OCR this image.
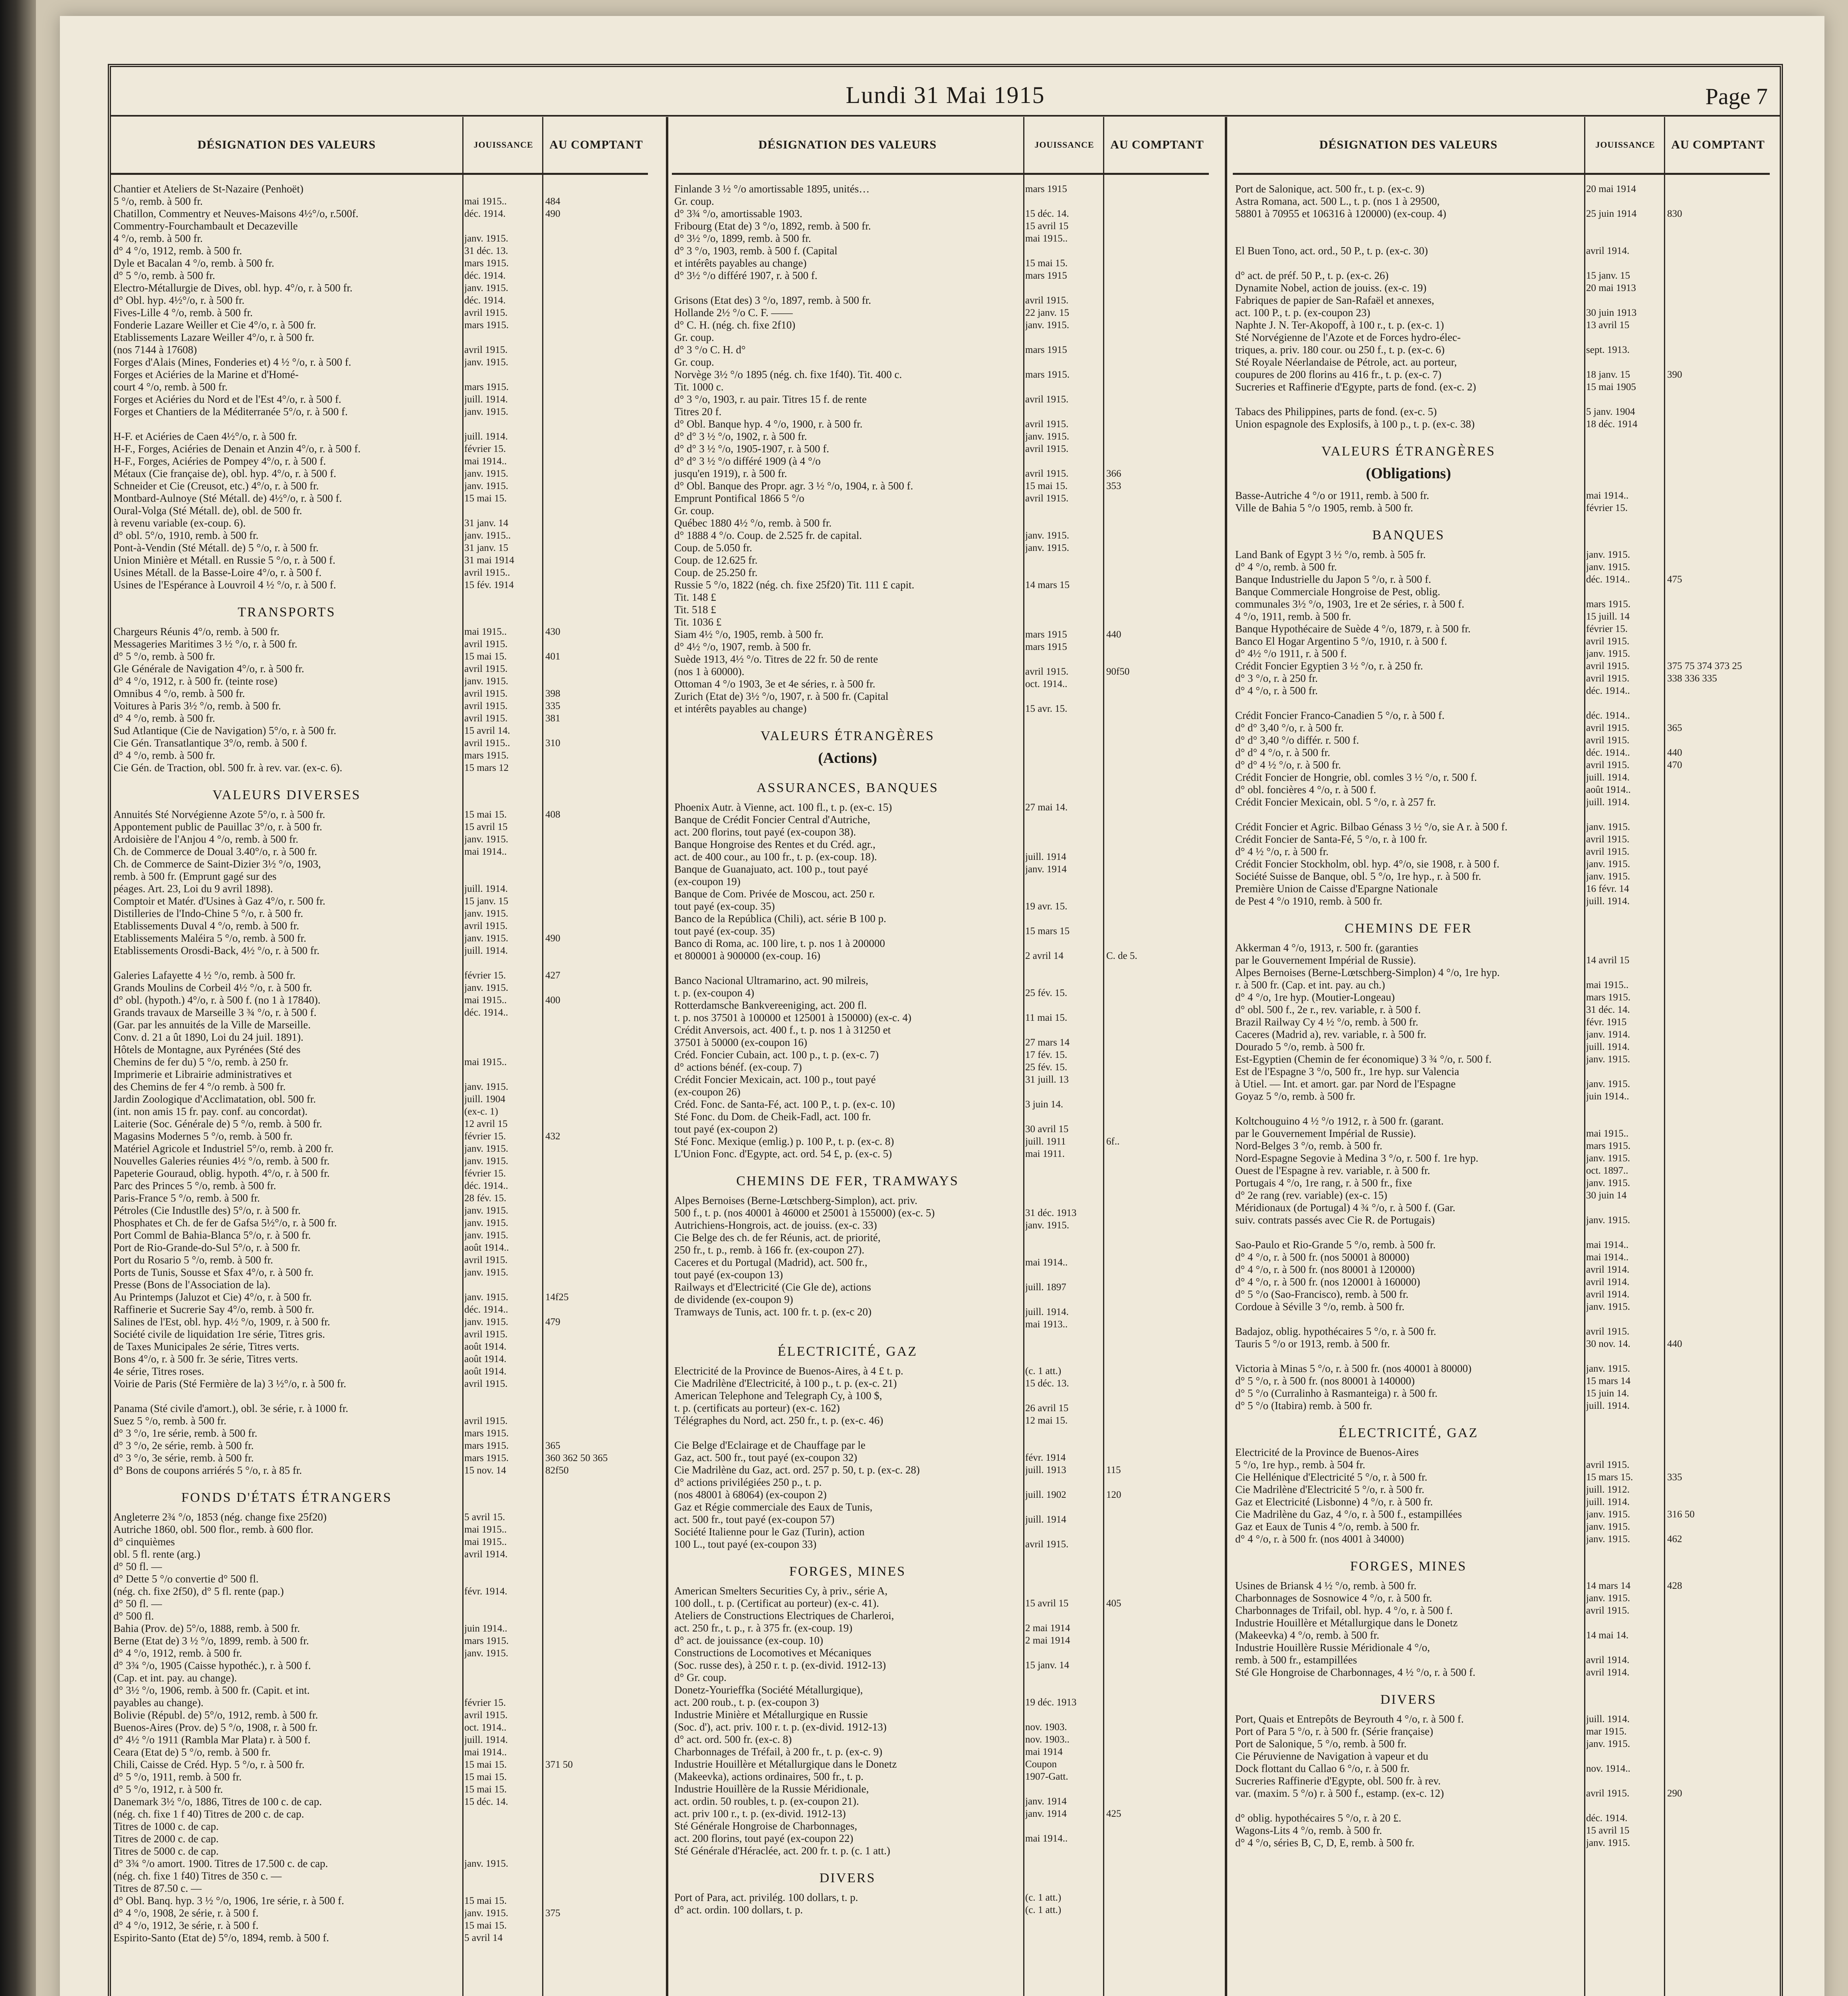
Lundi 31 Mai 1915	Page 7
DÉSIGNATION DES VALEURS	JOUISSANCE	AU COMPTANT
Chantier et Ateliers de St-Nazaire (Penhoët)
5 °/o, remb. à 500 fr.	mai 1915..	484
Chatillon, Commentry et Neuves-Maisons 4½°/o, r.500f.	déc. 1914.	490
Commentry-Fourchambault et Decazeville
4 °/o, remb. à 500 fr.	janv. 1915.
d° 4 °/o, 1912, remb. à 500 fr.	31 déc. 13.
Dyle et Bacalan 4 °/o, remb. à 500 fr.	mars 1915.
d° 5 °/o, remb. à 500 fr.	déc. 1914.
Electro-Métallurgie de Dives, obl. hyp. 4°/o, r. à 500 fr.	janv. 1915.
d° Obl. hyp. 4½°/o, r. à 500 fr.	déc. 1914.
Fives-Lille 4 °/o, remb. à 500 fr.	avril 1915.
Fonderie Lazare Weiller et Cie 4°/o, r. à 500 fr.	mars 1915.
Etablissements Lazare Weiller 4°/o, r. à 500 fr.
(nos 7144 à 17608)	avril 1915.
Forges d'Alais (Mines, Fonderies et) 4 ½ °/o, r. à 500 f.	janv. 1915.
Forges et Aciéries de la Marine et d'Homé-
court 4 °/o, remb. à 500 fr.	mars 1915.
Forges et Aciéries du Nord et de l'Est 4°/o, r. à 500 f.	juill. 1914.
Forges et Chantiers de la Méditerranée 5°/o, r. à 500 f.	janv. 1915.
H-F. et Aciéries de Caen 4½°/o, r. à 500 fr.	juill. 1914.
H-F., Forges, Aciéries de Denain et Anzin 4°/o, r. à 500 f.	février 15.
H-F., Forges, Aciéries de Pompey 4°/o, r. à 500 f.	mai 1914..
Métaux (Cie française de), obl. hyp. 4°/o, r. à 500 f.	janv. 1915.
Schneider et Cie (Creusot, etc.) 4°/o, r. à 500 fr.	janv. 1915.
Montbard-Aulnoye (Sté Métall. de) 4½°/o, r. à 500 f.	15 mai 15.
Oural-Volga (Sté Métall. de), obl. de 500 fr.
à revenu variable (ex-coup. 6).	31 janv. 14
d° obl. 5°/o, 1910, remb. à 500 fr.	janv. 1915..
Pont-à-Vendin (Sté Métall. de) 5 °/o, r. à 500 fr.	31 janv. 15
Union Minière et Métall. en Russie 5 °/o, r. à 500 f.	31 mai 1914
Usines Métall. de la Basse-Loire 4°/o, r. à 500 f.	avril 1915..
Usines de l'Espérance à Louvroil 4 ½ °/o, r. à 500 f.	15 fév. 1914
TRANSPORTS
Chargeurs Réunis 4°/o, remb. à 500 fr.	mai 1915..	430
Messageries Maritimes 3 ½ °/o, r. à 500 fr.	avril 1915.
d° 5 °/o, remb. à 500 fr.	15 mai 15.	401
Gle Générale de Navigation 4°/o, r. à 500 fr.	avril 1915.
d° 4 °/o, 1912, r. à 500 fr. (teinte rose)	janv. 1915.
Omnibus 4 °/o, remb. à 500 fr.	avril 1915.	398
Voitures à Paris 3½ °/o, remb. à 500 fr.	avril 1915.	335
d° 4 °/o, remb. à 500 fr.	avril 1915.	381
Sud Atlantique (Cie de Navigation) 5°/o, r. à 500 fr.	15 avril 14.
Cie Gén. Transatlantique 3°/o, remb. à 500 f.	avril 1915..	310
d° 4 °/o, remb. à 500 fr.	mars 1915.
Cie Gén. de Traction, obl. 500 fr. à rev. var. (ex-c. 6).	15 mars 12
VALEURS DIVERSES
Annuités Sté Norvégienne Azote 5°/o, r. à 500 fr.	15 mai 15.	408
Appontement public de Pauillac 3°/o, r. à 500 fr.	15 avril 15
Ardoisière de l'Anjou 4 °/o, remb. à 500 fr.	janv. 1915.
Ch. de Commerce de Doual 3.40°/o, r. à 500 fr.	mai 1914..
Ch. de Commerce de Saint-Dizier 3½ °/o, 1903,
remb. à 500 fr. (Emprunt gagé sur des
péages. Art. 23, Loi du 9 avril 1898).	juill. 1914.
Comptoir et Matér. d'Usines à Gaz 4°/o, r. 500 fr.	15 janv. 15
Distilleries de l'Indo-Chine 5 °/o, r. à 500 fr.	janv. 1915.
Etablissements Duval 4 °/o, remb. à 500 fr.	avril 1915.
Etablissements Maléira 5 °/o, remb. à 500 fr.	janv. 1915.	490
Etablissements Orosdi-Back, 4½ °/o, r. à 500 fr.	juill. 1914.
Galeries Lafayette 4 ½ °/o, remb. à 500 fr.	février 15.	427
Grands Moulins de Corbeil 4½ °/o, r. à 500 fr.	janv. 1915.
d° obl. (hypoth.) 4°/o, r. à 500 f. (no 1 à 17840).	mai 1915..	400
Grands travaux de Marseille 3 ¾ °/o, r. à 500 f.	déc. 1914..
(Gar. par les annuités de la Ville de Marseille.
Conv. d. 21 a ût 1890, Loi du 24 juil. 1891).
Hôtels de Montagne, aux Pyrénées (Sté des
Chemins de fer du) 5 °/o, remb. à 250 fr.	mai 1915..
Imprimerie et Librairie administratives et
des Chemins de fer 4 °/o remb. à 500 fr.	janv. 1915.
Jardin Zoologique d'Acclimatation, obl. 500 fr.	juill. 1904
(int. non amis 15 fr. pay. conf. au concordat).	(ex-c. 1)
Laiterie (Soc. Générale de) 5 °/o, remb. à 500 fr.	12 avril 15
Magasins Modernes 5 °/o, remb. à 500 fr.	février 15.	432
Matériel Agricole et Industriel 5°/o, remb. à 200 fr.	janv. 1915.
Nouvelles Galeries réunies 4½ °/o, remb. à 500 fr.	janv. 1915.
Papeterie Gouraud, oblig. hypoth. 4°/o, r. à 500 fr.	février 15.
Parc des Princes 5 °/o, remb. à 500 fr.	déc. 1914..
Paris-France 5 °/o, remb. à 500 fr.	28 fév. 15.
Pétroles (Cie Industlle des) 5°/o, r. à 500 fr.	janv. 1915.
Phosphates et Ch. de fer de Gafsa 5½°/o, r. à 500 fr.	janv. 1915.
Port Comml de Bahia-Blanca 5°/o, r. à 500 fr.	janv. 1915.
Port de Rio-Grande-do-Sul 5°/o, r. à 500 fr.	août 1914..
Port du Rosario 5 °/o, remb. à 500 fr.	avril 1915.
Ports de Tunis, Sousse et Sfax 4°/o, r. à 500 fr.	janv. 1915.
Presse (Bons de l'Association de la).
Au Printemps (Jaluzot et Cie) 4°/o, r. à 500 fr.	janv. 1915.	14f25
Raffinerie et Sucrerie Say 4°/o, remb. à 500 fr.	déc. 1914..
Salines de l'Est, obl. hyp. 4½ °/o, 1909, r. à 500 fr.	janv. 1915.	479
Société civile de liquidation 1re série, Titres gris.	avril 1915.
de Taxes Municipales 2e série, Titres verts.	août 1914.
Bons 4°/o, r. à 500 fr. 3e série, Titres verts.	août 1914.
4e série, Titres roses.	août 1914.
Voirie de Paris (Sté Fermière de la) 3 ½°/o, r. à 500 fr.	avril 1915.
Panama (Sté civile d'amort.), obl. 3e série, r. à 1000 fr.
Suez 5 °/o, remb. à 500 fr.	avril 1915.
d° 3 °/o, 1re série, remb. à 500 fr.	mars 1915.
d° 3 °/o, 2e série, remb. à 500 fr.	mars 1915.	365
d° 3 °/o, 3e série, remb. à 500 fr.	mars 1915.	360 362 50 365
d° Bons de coupons arriérés 5 °/o, r. à 85 fr.	15 nov. 14	82f50
FONDS D'ÉTATS ÉTRANGERS
Angleterre 2¾ °/o, 1853 (nég. change fixe 25f20)	5 avril 15.
Autriche 1860, obl. 500 flor., remb. à 600 flor.	mai 1915..
d° cinquièmes	mai 1915..
obl. 5 fl. rente (arg.)	avril 1914.
d° 50 fl. —
d° Dette 5 °/o convertie d° 500 fl.
(nég. ch. fixe 2f50), d° 5 fl. rente (pap.)	févr. 1914.
d° 50 fl. —
d° 500 fl.
Bahia (Prov. de) 5°/o, 1888, remb. à 500 fr.	juin 1914..
Berne (Etat de) 3 ½ °/o, 1899, remb. à 500 fr.	mars 1915.
d° 4 °/o, 1912, remb. à 500 fr.	janv. 1915.
d° 3¾ °/o, 1905 (Caisse hypothéc.), r. à 500 f.
(Cap. et int. pay. au change).
d° 3½ °/o, 1906, remb. à 500 fr. (Capit. et int.
payables au change).	février 15.
Bolivie (Républ. de) 5°/o, 1912, remb. à 500 fr.	avril 1915.
Buenos-Aires (Prov. de) 5 °/o, 1908, r. à 500 fr.	oct. 1914..
d° 4½ °/o 1911 (Rambla Mar Plata) r. à 500 f.	juill. 1914.
Ceara (Etat de) 5 °/o, remb. à 500 fr.	mai 1914..
Chili, Caisse de Créd. Hyp. 5 °/o, r. à 500 fr.	15 mai 15.	371 50
d° 5 °/o, 1911, remb. à 500 fr.	15 mai 15.
d° 5 °/o, 1912, r. à 500 fr.	15 mai 15.
Danemark 3½ °/o, 1886, Titres de 100 c. de cap.	15 déc. 14.
(nég. ch. fixe 1 f 40) Titres de 200 c. de cap.
Titres de 1000 c. de cap.
Titres de 2000 c. de cap.
Titres de 5000 c. de cap.
d° 3¾ °/o amort. 1900. Titres de 17.500 c. de cap.	janv. 1915.
(nég. ch. fixe 1 f40) Titres de 350 c. —
Titres de 87.50 c. —
d° Obl. Banq. hyp. 3 ½ °/o, 1906, 1re série, r. à 500 f.	15 mai 15.
d° 4 °/o, 1908, 2e série, r. à 500 f.	janv. 1915.	375
d° 4 °/o, 1912, 3e série, r. à 500 f.	15 mai 15.
Espirito-Santo (Etat de) 5°/o, 1894, remb. à 500 f.	5 avril 14
DÉSIGNATION DES VALEURS	JOUISSANCE	AU COMPTANT
Finlande 3 ½ °/o amortissable 1895, unités…	mars 1915
Gr. coup.
d° 3¾ °/o, amortissable 1903.	15 déc. 14.
Fribourg (Etat de) 3 °/o, 1892, remb. à 500 fr.	15 avril 15
d° 3½ °/o, 1899, remb. à 500 fr.	mai 1915..
d° 3 °/o, 1903, remb. à 500 f. (Capital
et intérêts payables au change)	15 mai 15.
d° 3½ °/o différé 1907, r. à 500 f.	mars 1915
Grisons (Etat des) 3 °/o, 1897, remb. à 500 fr.	avril 1915.
Hollande 2½ °/o C. F. ——	22 janv. 15
d° C. H. (nég. ch. fixe 2f10)	janv. 1915.
Gr. coup.
d° 3 °/o C. H. d°	mars 1915
Gr. coup.
Norvège 3½ °/o 1895 (nég. ch. fixe 1f40). Tit. 400 c.	mars 1915.
Tit. 1000 c.
d° 3 °/o, 1903, r. au pair. Titres 15 f. de rente	avril 1915.
Titres 20 f.
d° Obl. Banque hyp. 4 °/o, 1900, r. à 500 fr.	avril 1915.
d° d° 3 ½ °/o, 1902, r. à 500 fr.	janv. 1915.
d° d° 3 ½ °/o, 1905-1907, r. à 500 f.	avril 1915.
d° d° 3 ½ °/o différé 1909 (à 4 °/o
jusqu'en 1919), r. à 500 fr.	avril 1915.	366
d° Obl. Banque des Propr. agr. 3 ½ °/o, 1904, r. à 500 f.	15 mai 15.	353
Emprunt Pontifical 1866 5 °/o	avril 1915.
Gr. coup.
Québec 1880 4½ °/o, remb. à 500 fr.
d° 1888 4 °/o. Coup. de 2.525 fr. de capital.	janv. 1915.
Coup. de 5.050 fr.	janv. 1915.
Coup. de 12.625 fr.
Coup. de 25.250 fr.
Russie 5 °/o, 1822 (nég. ch. fixe 25f20) Tit. 111 £ capit.	14 mars 15
Tit. 148 £
Tit. 518 £
Tit. 1036 £
Siam 4½ °/o, 1905, remb. à 500 fr.	mars 1915	440
d° 4½ °/o, 1907, remb. à 500 fr.	mars 1915
Suède 1913, 4½ °/o. Titres de 22 fr. 50 de rente
(nos 1 à 60000).	avril 1915.	90f50
Ottoman 4 °/o 1903, 3e et 4e séries, r. à 500 fr.	oct. 1914..
Zurich (Etat de) 3½ °/o, 1907, r. à 500 fr. (Capital
et intérêts payables au change)	15 avr. 15.
VALEURS ÉTRANGÈRES
(Actions)
ASSURANCES, BANQUES
Phoenix Autr. à Vienne, act. 100 fl., t. p. (ex-c. 15)	27 mai 14.
Banque de Crédit Foncier Central d'Autriche,
act. 200 florins, tout payé (ex-coupon 38).
Banque Hongroise des Rentes et du Créd. agr.,
act. de 400 cour., au 100 fr., t. p. (ex-coup. 18).	juill. 1914
Banque de Guanajuato, act. 100 p., tout payé	janv. 1914
(ex-coupon 19)
Banque de Com. Privée de Moscou, act. 250 r.
tout payé (ex-coup. 35)	19 avr. 15.
Banco de la República (Chili), act. série B 100 p.
tout payé (ex-coup. 35)	15 mars 15
Banco di Roma, ac. 100 lire, t. p. nos 1 à 200000
et 800001 à 900000 (ex-coup. 16)	2 avril 14	C. de 5.
Banco Nacional Ultramarino, act. 90 milreis,
t. p. (ex-coupon 4)	25 fév. 15.
Rotterdamsche Bankvereeniging, act. 200 fl.
t. p. nos 37501 à 100000 et 125001 à 150000) (ex-c. 4)	11 mai 15.
Crédit Anversois, act. 400 f., t. p. nos 1 à 31250 et
37501 à 50000 (ex-coupon 16)	27 mars 14
Créd. Foncier Cubain, act. 100 p., t. p. (ex-c. 7)	17 fév. 15.
d° actions bénéf. (ex-coup. 7)	25 fév. 15.
Crédit Foncier Mexicain, act. 100 p., tout payé	31 juill. 13
(ex-coupon 26)
Créd. Fonc. de Santa-Fé, act. 100 P., t. p. (ex-c. 10)	3 juin 14.
Sté Fonc. du Dom. de Cheik-Fadl, act. 100 fr.
tout payé (ex-coupon 2)	30 avril 15
Sté Fonc. Mexique (emlig.) p. 100 P., t. p. (ex-c. 8)	juill. 1911	6f..
L'Union Fonc. d'Egypte, act. ord. 54 £, p. (ex-c. 5)	mai 1911.
CHEMINS DE FER, TRAMWAYS
Alpes Bernoises (Berne-Lœtschberg-Simplon), act. priv.
500 f., t. p. (nos 40001 à 46000 et 25001 à 155000) (ex-c. 5)	31 déc. 1913
Autrichiens-Hongrois, act. de jouiss. (ex-c. 33)	janv. 1915.
Cie Belge des ch. de fer Réunis, act. de priorité,
250 fr., t. p., remb. à 166 fr. (ex-coupon 27).
Caceres et du Portugal (Madrid), act. 500 fr.,	mai 1914..
tout payé (ex-coupon 13)
Railways et d'Electricité (Cie Gle de), actions	juill. 1897
de dividende (ex-coupon 9)
Tramways de Tunis, act. 100 fr. t. p. (ex-c 20)	juill. 1914.
mai 1913..
ÉLECTRICITÉ, GAZ
Electricité de la Province de Buenos-Aires, à 4 £ t. p.	(c. 1 att.)
Cie Madrilène d'Electricité, à 100 p., t. p. (ex-c. 21)	15 déc. 13.
American Telephone and Telegraph Cy, à 100 $,
t. p. (certificats au porteur) (ex-c. 162)	26 avril 15
Télégraphes du Nord, act. 250 fr., t. p. (ex-c. 46)	12 mai 15.
Cie Belge d'Eclairage et de Chauffage par le
Gaz, act. 500 fr., tout payé (ex-coupon 32)	févr. 1914
Cie Madrilène du Gaz, act. ord. 257 p. 50, t. p. (ex-c. 28)	juill. 1913	115
d° actions privilégiées 250 p., t. p.
(nos 48001 à 68064) (ex-coupon 2)	juill. 1902	120
Gaz et Régie commerciale des Eaux de Tunis,
act. 500 fr., tout payé (ex-coupon 57)	juill. 1914
Société Italienne pour le Gaz (Turin), action
100 L., tout payé (ex-coupon 33)	avril 1915.
FORGES, MINES
American Smelters Securities Cy, à priv., série A,
100 doll., t. p. (Certificat au porteur) (ex-c. 41).	15 avril 15	405
Ateliers de Constructions Electriques de Charleroi,
act. 250 fr., t. p., r. à 375 fr. (ex-coup. 19)	2 mai 1914
d° act. de jouissance (ex-coup. 10)	2 mai 1914
Constructions de Locomotives et Mécaniques
(Soc. russe des), à 250 r. t. p. (ex-divid. 1912-13)	15 janv. 14
d° Gr. coup.
Donetz-Yourieffka (Société Métallurgique),
act. 200 roub., t. p. (ex-coupon 3)	19 déc. 1913
Industrie Minière et Métallurgique en Russie
(Soc. d'), act. priv. 100 r. t. p. (ex-divid. 1912-13)	nov. 1903.
d° act. ord. 500 fr. (ex-c. 8)	nov. 1903..
Charbonnages de Tréfail, à 200 fr., t. p. (ex-c. 9)	mai 1914
Industrie Houillère et Métallurgique dans le Donetz	Coupon
(Makeevka), actions ordinaires, 500 fr., t. p.	1907-Gatt.
Industrie Houillère de la Russie Méridionale,
act. ordin. 50 roubles, t. p. (ex-coupon 21).	janv. 1914
act. priv 100 r., t. p. (ex-divid. 1912-13)	janv. 1914	425
Sté Générale Hongroise de Charbonnages,
act. 200 florins, tout payé (ex-coupon 22)	mai 1914..
Sté Générale d'Héraclée, act. 200 fr. t. p. (c. 1 att.)
DIVERS
Port of Para, act. privilég. 100 dollars, t. p.	(c. 1 att.)
d° act. ordin. 100 dollars, t. p.	(c. 1 att.)
DÉSIGNATION DES VALEURS	JOUISSANCE	AU COMPTANT
Port de Salonique, act. 500 fr., t. p. (ex-c. 9)	20 mai 1914
Astra Romana, act. 500 L., t. p. (nos 1 à 29500,
58801 à 70955 et 106316 à 120000) (ex-coup. 4)	25 juin 1914	830
El Buen Tono, act. ord., 50 P., t. p. (ex-c. 30)	avril 1914.
d° act. de préf. 50 P., t. p. (ex-c. 26)	15 janv. 15
Dynamite Nobel, action de jouiss. (ex-c. 19)	20 mai 1913
Fabriques de papier de San-Rafaël et annexes,
act. 100 P., t. p. (ex-coupon 23)	30 juin 1913
Naphte J. N. Ter-Akopoff, à 100 r., t. p. (ex-c. 1)	13 avril 15
Sté Norvégienne de l'Azote et de Forces hydro-élec-
triques, a. priv. 180 cour. ou 250 f., t. p. (ex-c. 6)	sept. 1913.
Sté Royale Néerlandaise de Pétrole, act. au porteur,
coupures de 200 florins au 416 fr., t. p. (ex-c. 7)	18 janv. 15	390
Sucreries et Raffinerie d'Egypte, parts de fond. (ex-c. 2)	15 mai 1905
Tabacs des Philippines, parts de fond. (ex-c. 5)	5 janv. 1904
Union espagnole des Explosifs, à 100 p., t. p. (ex-c. 38)	18 déc. 1914
VALEURS ÉTRANGÈRES
(Obligations)
Basse-Autriche 4 °/o or 1911, remb. à 500 fr.	mai 1914..
Ville de Bahia 5 °/o 1905, remb. à 500 fr.	février 15.
BANQUES
Land Bank of Egypt 3 ½ °/o, remb. à 505 fr.	janv. 1915.
d° 4 °/o, remb. à 500 fr.	janv. 1915.
Banque Industrielle du Japon 5 °/o, r. à 500 f.	déc. 1914..	475
Banque Commerciale Hongroise de Pest, oblig.
communales 3½ °/o, 1903, 1re et 2e séries, r. à 500 f.	mars 1915.
4 °/o, 1911, remb. à 500 fr.	15 juill. 14
Banque Hypothécaire de Suède 4 °/o, 1879, r. à 500 fr.	février 15.
Banco El Hogar Argentino 5 °/o, 1910, r. à 500 f.	avril 1915.
d° 4½ °/o 1911, r. à 500 f.	janv. 1915.
Crédit Foncier Egyptien 3 ½ °/o, r. à 250 fr.	avril 1915.	375 75 374 373 25
d° 3 °/o, r. à 250 fr.	avril 1915.	338 336 335
d° 4 °/o, r. à 500 fr.	déc. 1914..
Crédit Foncier Franco-Canadien 5 °/o, r. à 500 f.	déc. 1914..
d° d° 3,40 °/o, r. à 500 fr.	avril 1915.	365
d° d° 3,40 °/o différ. r. 500 f.	avril 1915.
d° d° 4 °/o, r. à 500 fr.	déc. 1914..	440
d° d° 4 ½ °/o, r. à 500 fr.	avril 1915.	470
Crédit Foncier de Hongrie, obl. comles 3 ½ °/o, r. 500 f.	juill. 1914.
d° obl. foncières 4 °/o, r. à 500 f.	août 1914..
Crédit Foncier Mexicain, obl. 5 °/o, r. à 257 fr.	juill. 1914.
Crédit Foncier et Agric. Bilbao Génass 3 ½ °/o, sie A r. à 500 f.	janv. 1915.
Crédit Foncier de Santa-Fé, 5 °/o, r. à 100 fr.	avril 1915.
d° 4 ½ °/o, r. à 500 fr.	avril 1915.
Crédit Foncier Stockholm, obl. hyp. 4°/o, sie 1908, r. à 500 f.	janv. 1915.
Société Suisse de Banque, obl. 5 °/o, 1re hyp., r. à 500 fr.	janv. 1915.
Première Union de Caisse d'Epargne Nationale	16 févr. 14
de Pest 4 °/o 1910, remb. à 500 fr.	juill. 1914.
CHEMINS DE FER
Akkerman 4 °/o, 1913, r. 500 fr. (garanties
par le Gouvernement Impérial de Russie).	14 avril 15
Alpes Bernoises (Berne-Lœtschberg-Simplon) 4 °/o, 1re hyp.
r. à 500 fr. (Cap. et int. pay. au ch.)	mai 1915..
d° 4 °/o, 1re hyp. (Moutier-Longeau)	mars 1915.
d° obl. 500 f., 2e r., rev. variable, r. à 500 f.	31 déc. 14.
Brazil Railway Cy 4 ½ °/o, remb. à 500 fr.	févr. 1915
Caceres (Madrid a), rev. variable, r. à 500 fr.	janv. 1914.
Dourado 5 °/o, remb. à 500 fr.	juill. 1914.
Est-Egyptien (Chemin de fer économique) 3 ¾ °/o, r. 500 f.	janv. 1915.
Est de l'Espagne 3 °/o, 500 fr., 1re hyp. sur Valencia
à Utiel. — Int. et amort. gar. par Nord de l'Espagne	janv. 1915.
Goyaz 5 °/o, remb. à 500 fr.	juin 1914..
Koltchouguino 4 ½ °/o 1912, r. à 500 fr. (garant.
par le Gouvernement Impérial de Russie).	mai 1915..
Nord-Belges 3 °/o, remb. à 500 fr.	mars 1915.
Nord-Espagne Segovie à Medina 3 °/o, r. 500 f. 1re hyp.	janv. 1915.
Ouest de l'Espagne à rev. variable, r. à 500 fr.	oct. 1897..
Portugais 4 °/o, 1re rang, r. à 500 fr., fixe	janv. 1915.
d° 2e rang (rev. variable) (ex-c. 15)	30 juin 14
Méridionaux (de Portugal) 4 ¾ °/o, r. à 500 f. (Gar.
suiv. contrats passés avec Cie R. de Portugais)	janv. 1915.
Sao-Paulo et Rio-Grande 5 °/o, remb. à 500 fr.	mai 1914..
d° 4 °/o, r. à 500 fr. (nos 50001 à 80000)	mai 1914..
d° 4 °/o, r. à 500 fr. (nos 80001 à 120000)	avril 1914.
d° 4 °/o, r. à 500 fr. (nos 120001 à 160000)	avril 1914.
d° 5 °/o (Sao-Francisco), remb. à 500 fr.	avril 1914.
Cordoue à Séville 3 °/o, remb. à 500 fr.	janv. 1915.
Badajoz, oblig. hypothécaires 5 °/o, r. à 500 fr.	avril 1915.
Tauris 5 °/o or 1913, remb. à 500 fr.	30 nov. 14.	440
Victoria à Minas 5 °/o, r. à 500 fr. (nos 40001 à 80000)	janv. 1915.
d° 5 °/o, r. à 500 fr. (nos 80001 à 140000)	15 mars 14
d° 5 °/o (Curralinho à Rasmanteiga) r. à 500 fr.	15 juin 14.
d° 5 °/o (Itabira) remb. à 500 fr.	juill. 1914.
ÉLECTRICITÉ, GAZ
Electricité de la Province de Buenos-Aires
5 °/o, 1re hyp., remb. à 504 fr.	avril 1915.
Cie Hellénique d'Electricité 5 °/o, r. à 500 fr.	15 mars 15.	335
Cie Madrilène d'Electricité 5 °/o, r. à 500 fr.	juill. 1912.
Gaz et Electricité (Lisbonne) 4 °/o, r. à 500 fr.	juill. 1914.
Cie Madrilène du Gaz, 4 °/o, r. à 500 f., estampillées	janv. 1915.	316 50
Gaz et Eaux de Tunis 4 °/o, remb. à 500 fr.	janv. 1915.
d° 4 °/o, r. à 500 fr. (nos 4001 à 34000)	janv. 1915.	462
FORGES, MINES
Usines de Briansk 4 ½ °/o, remb. à 500 fr.	14 mars 14	428
Charbonnages de Sosnowice 4 °/o, r. à 500 fr.	janv. 1915.
Charbonnages de Trifail, obl. hyp. 4 °/o, r. à 500 f.	avril 1915.
Industrie Houillère et Métallurgique dans le Donetz
(Makeevka) 4 °/o, remb. à 500 fr.	14 mai 14.
Industrie Houillère Russie Méridionale 4 °/o,
remb. à 500 fr., estampillées	avril 1914.
Sté Gle Hongroise de Charbonnages, 4 ½ °/o, r. à 500 f.	avril 1914.
DIVERS
Port, Quais et Entrepôts de Beyrouth 4 °/o, r. à 500 f.	juill. 1914.
Port of Para 5 °/o, r. à 500 fr. (Série française)	mar 1915.
Port de Salonique, 5 °/o, remb. à 500 fr.	janv. 1915.
Cie Péruvienne de Navigation à vapeur et du
Dock flottant du Callao 6 °/o, r. à 500 fr.	nov. 1914..
Sucreries Raffinerie d'Egypte, obl. 500 fr. à rev.
var. (maxim. 5 °/o) r. à 500 f., estamp. (ex-c. 12)	avril 1915.	290
d° oblig. hypothécaires 5 °/o, r. à 20 £.	déc. 1914.
Wagons-Lits 4 °/o, remb. à 500 fr.	15 avril 15
d° 4 °/o, séries B, C, D, E, remb. à 500 fr.	janv. 1915.
